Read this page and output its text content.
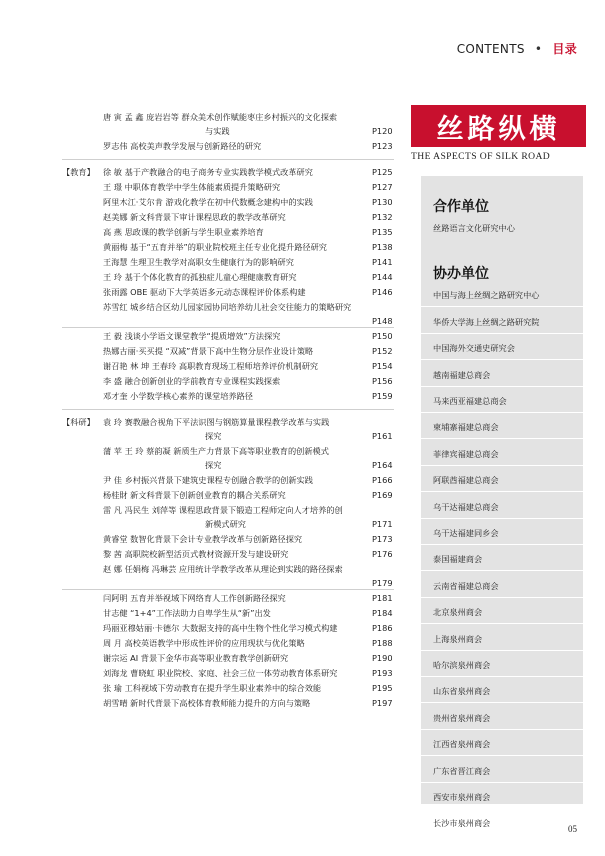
CONTENTS • 目录
唐 寅 孟 鑫 庞岩岩等 群众美术创作赋能枣庄乡村振兴的文化探索
与实践	P120
罗志伟 高校美声教学发展与创新路径的研究	P123
【教育】 徐 敏 基于产教融合的电子商务专业实践教学模式改革研究	P125
王 璟 中职体育教学中学生体能素质提升策略研究	P127
阿里木江·艾尔肯 游戏化教学在初中代数概念建构中的实践	P130
赵美娜 新文科背景下审计课程思政的教学改革研究	P132
高 燕 思政课的教学创新与学生职业素养培育	P135
黄丽梅 基于“五育并举”的职业院校班主任专业化提升路径研究	P138
王海慧 生理卫生教学对高职女生健康行为的影响研究	P141
王 玲 基于个体化教育的孤独症儿童心理健康教育研究	P144
张雨露 OBE 驱动下大学英语多元动态课程评价体系构建	P146
苏雪红 城乡结合区幼儿园家园协同培养幼儿社会交往能力的策略研究
P148
王 毅 浅谈小学语文课堂教学“提质增效”方法探究	P150
热娜古丽·买买提 “双减”背景下高中生物分层作业设计策略	P152
谢召艳 林 坤 王春玲 高职教育现场工程师培养评价机制研究	P154
李 盛 融合创新创业的学前教育专业课程实践探索	P156
邓才奎 小学数学核心素养的课堂培养路径	P159
【科研】 袁 玲 赛教融合视角下平法识图与钢筋算量课程教学改革与实践
探究	P161
蒲 苹 王 玲 蔡韵凝 新质生产力背景下高等职业教育的创新模式
探究	P164
尹 佳 乡村振兴背景下建筑史课程专创融合教学的创新实践	P166
杨桂財 新文科背景下创新创业教育的耦合关系研究	P169
雷 凡 冯民生 刘萍等 课程思政背景下锻造工程师定向人才培养的创
新模式研究	P171
黄睿堂 数智化背景下会计专业教学改革与创新路径探究	P173
黎 茜 高职院校新型活页式教材资源开发与建设研究	P176
赵 娜 任娟梅 冯琳芸 应用统计学教学改革从理论到实践的路径探索
P179
闫阿明 五育并举视域下网络育人工作创新路径探究	P181
甘志健 “1+4”工作法助力自卑学生从“新”出发	P184
玛丽亚穆姑丽·卡德尔 大数据支持的高中生物个性化学习模式构建	P186
周 月 高校英语教学中形成性评价的应用现状与优化策略	P188
谢宗运 AI 背景下金华市高等职业教育教学创新研究	P190
刘海龙 曹晓虹 职业院校、家庭、社会三位一体劳动教育体系研究	P193
张 瑜 工科视域下劳动教育在提升学生职业素养中的综合效能	P195
胡雪晴 新时代背景下高校体育教师能力提升的方向与策略	P197
丝路纵横
THE ASPECTS OF SILK ROAD
合作单位
丝路语言文化研究中心
协办单位
中国与海上丝绸之路研究中心
华侨大学海上丝绸之路研究院
中国海外交通史研究会
越南福建总商会
马来西亚福建总商会
柬埔寨福建总商会
菲律宾福建总商会
阿联酋福建总商会
乌干达福建总商会
乌干达福建同乡会
泰国福建商会
云南省福建总商会
北京泉州商会
上海泉州商会
哈尔滨泉州商会
山东省泉州商会
贵州省泉州商会
江西省泉州商会
广东省晋江商会
西安市泉州商会
长沙市泉州商会
05
